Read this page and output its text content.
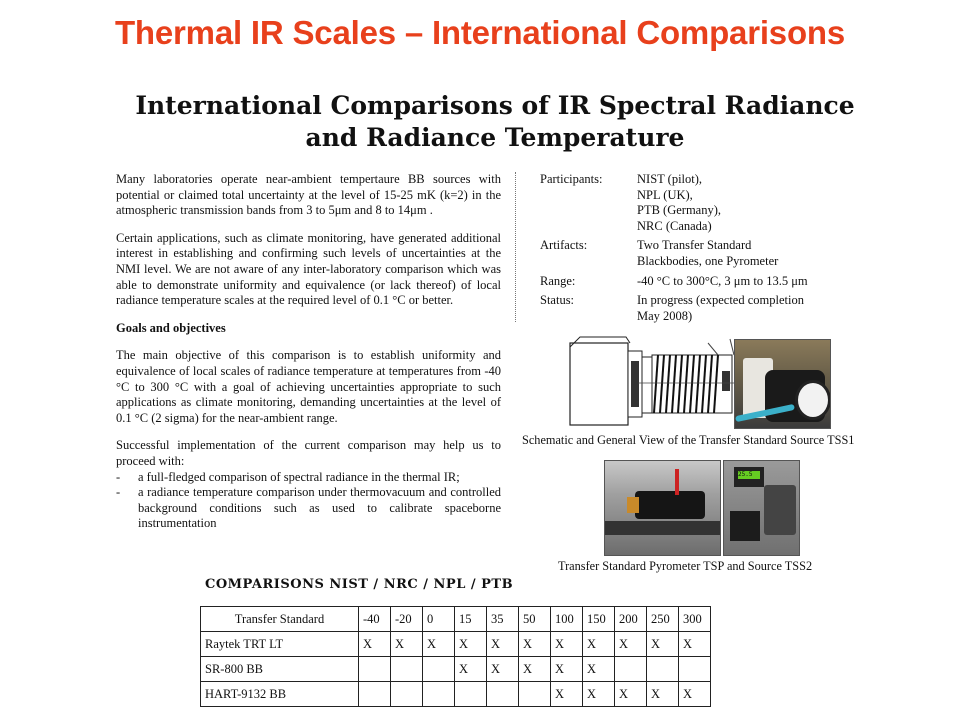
Thermal IR Scales – International Comparisons
International Comparisons of IR Spectral Radiance
and Radiance Temperature

Many laboratories operate near-ambient tempertaure BB sources with potential or claimed total uncertainty at the level of 15-25 mK (k=2) in the atmospheric transmission bands from 3 to 5μm and 8 to 14μm .

Certain applications, such as climate monitoring, have generated additional interest in establishing and confirming such levels of uncertainties at the NMI level. We are not aware of any inter-laboratory comparison which was able to demonstrate uniformity and equivalence (or lack thereof) of local radiance temperature scales at the required level of 0.1 °C or better.

Goals and objectives

The main objective of this comparison is to establish uniformity and equivalence of local scales of radiance temperature at temperatures from -40 °C to 300 °C with a goal of achieving uncertainties appropriate to such applications as climate monitoring, demanding uncertainties at the level of 0.1 °C (2 sigma) for the near-ambient range.

Successful implementation of the current comparison may help us to proceed with:

- a full-fledged comparison of spectral radiance in the thermal IR;
- a radiance temperature comparison under thermovacuum and controlled background conditions such as used to calibrate spaceborne instrumentation
Participants:	NIST (pilot),
NPL (UK),
PTB (Germany),
NRC (Canada)
Artifacts:	Two Transfer Standard
Blackbodies, one Pyrometer
Range:	-40 °C to 300°C, 3 μm to 13.5 μm
Status:	In progress (expected completion
May 2008)
Schematic and General View of the Transfer Standard Source TSS1
25.5
Transfer Standard Pyrometer TSP and Source TSS2
COMPARISONS NIST / NRC / NPL / PTB
Transfer Standard	-40	-20	0	15	35	50	100	150	200	250	300
Raytek TRT LT	X	X	X	X	X	X	X	X	X	X	X
SR-800 BB				X	X	X	X	X			
HART-9132 BB							X	X	X	X	X
